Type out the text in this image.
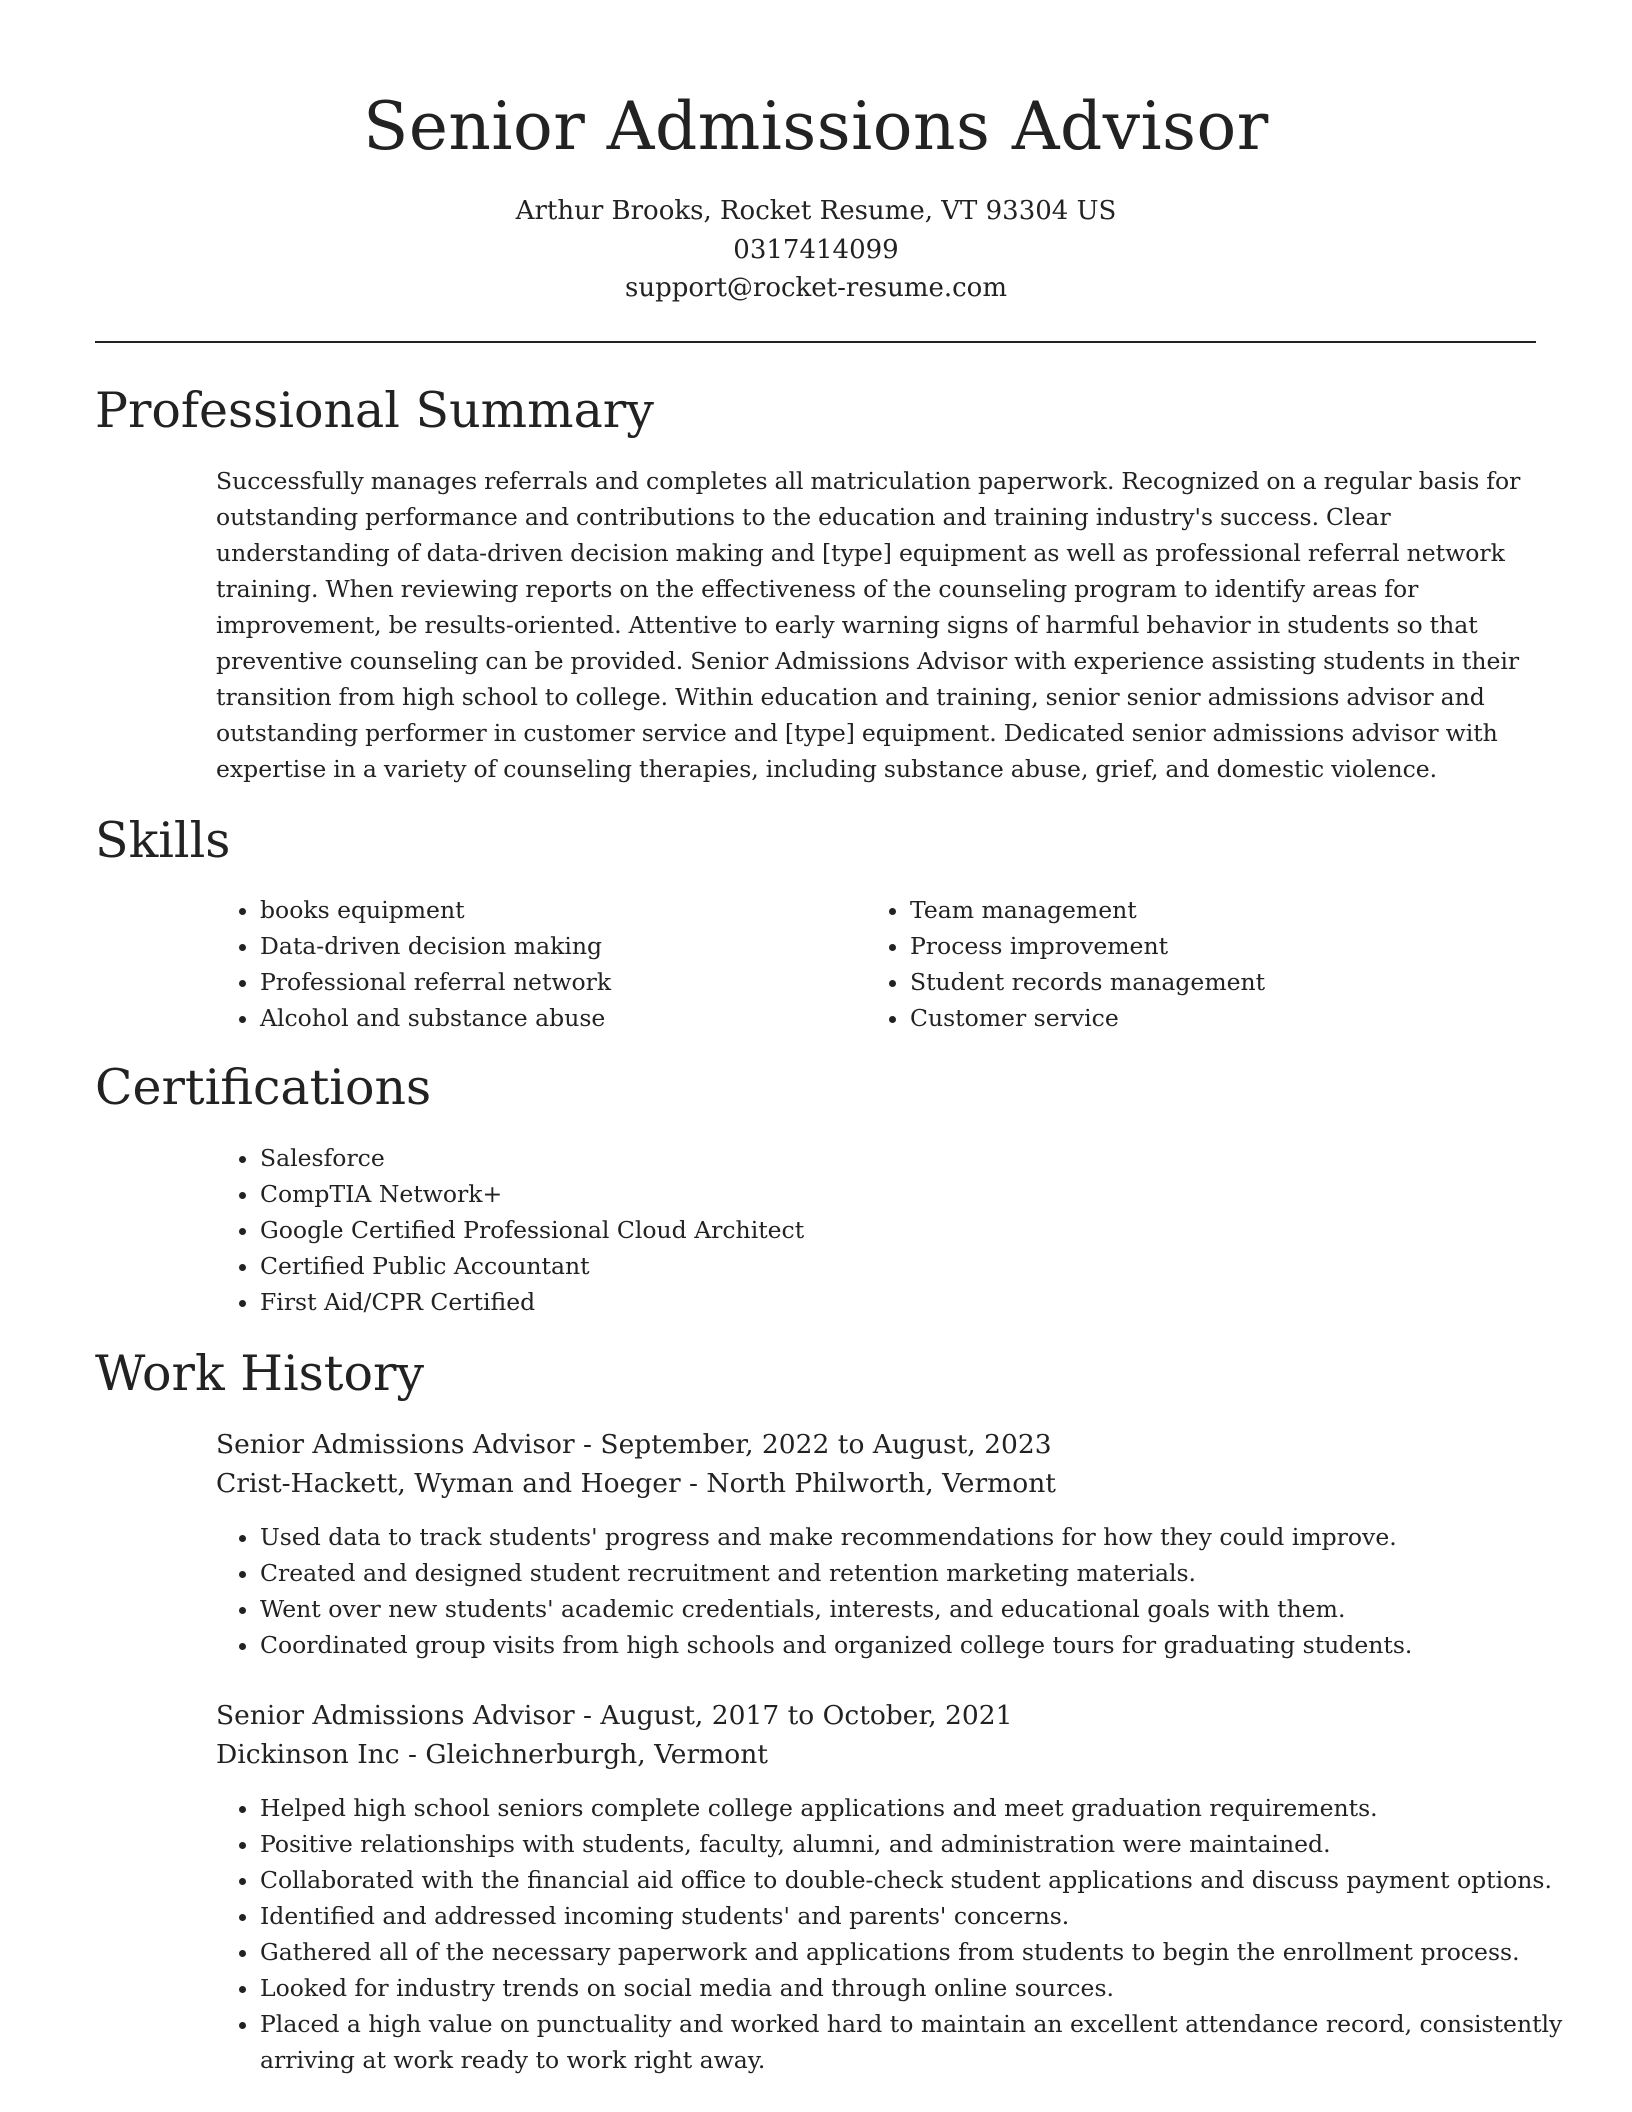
Senior Admissions Advisor
Arthur Brooks, Rocket Resume, VT 93304 US
0317414099
support@rocket-resume.com
Professional Summary

Successfully manages referrals and completes all matriculation paperwork. Recognized on a regular basis for outstanding performance and contributions to the education and training industry's success. Clear understanding of data-driven decision making and [type] equipment as well as professional referral network training. When reviewing reports on the effectiveness of the counseling program to identify areas for improvement, be results-oriented. Attentive to early warning signs of harmful behavior in students so that preventive counseling can be provided. Senior Admissions Advisor with experience assisting students in their transition from high school to college. Within education and training, senior senior admissions advisor and outstanding performer in customer service and [type] equipment. Dedicated senior admissions advisor with expertise in a variety of counseling therapies, including substance abuse, grief, and domestic violence.

Skills
• books equipment
• Data-driven decision making
• Professional referral network
• Alcohol and substance abuse
• Team management
• Process improvement
• Student records management
• Customer service
Certifications
• Salesforce
• CompTIA Network+
• Google Certified Professional Cloud Architect
• Certified Public Accountant
• First Aid/CPR Certified
Work History
Senior Admissions Advisor - September, 2022 to August, 2023
Crist-Hackett, Wyman and Hoeger - North Philworth, Vermont
• Used data to track students' progress and make recommendations for how they could improve.
• Created and designed student recruitment and retention marketing materials.
• Went over new students' academic credentials, interests, and educational goals with them.
• Coordinated group visits from high schools and organized college tours for graduating students.
Senior Admissions Advisor - August, 2017 to October, 2021
Dickinson Inc - Gleichnerburgh, Vermont
• Helped high school seniors complete college applications and meet graduation requirements.
• Positive relationships with students, faculty, alumni, and administration were maintained.
• Collaborated with the financial aid office to double-check student applications and discuss payment options.
• Identified and addressed incoming students' and parents' concerns.
• Gathered all of the necessary paperwork and applications from students to begin the enrollment process.
• Looked for industry trends on social media and through online sources.
• Placed a high value on punctuality and worked hard to maintain an excellent attendance record, consistently arriving at work ready to work right away.
